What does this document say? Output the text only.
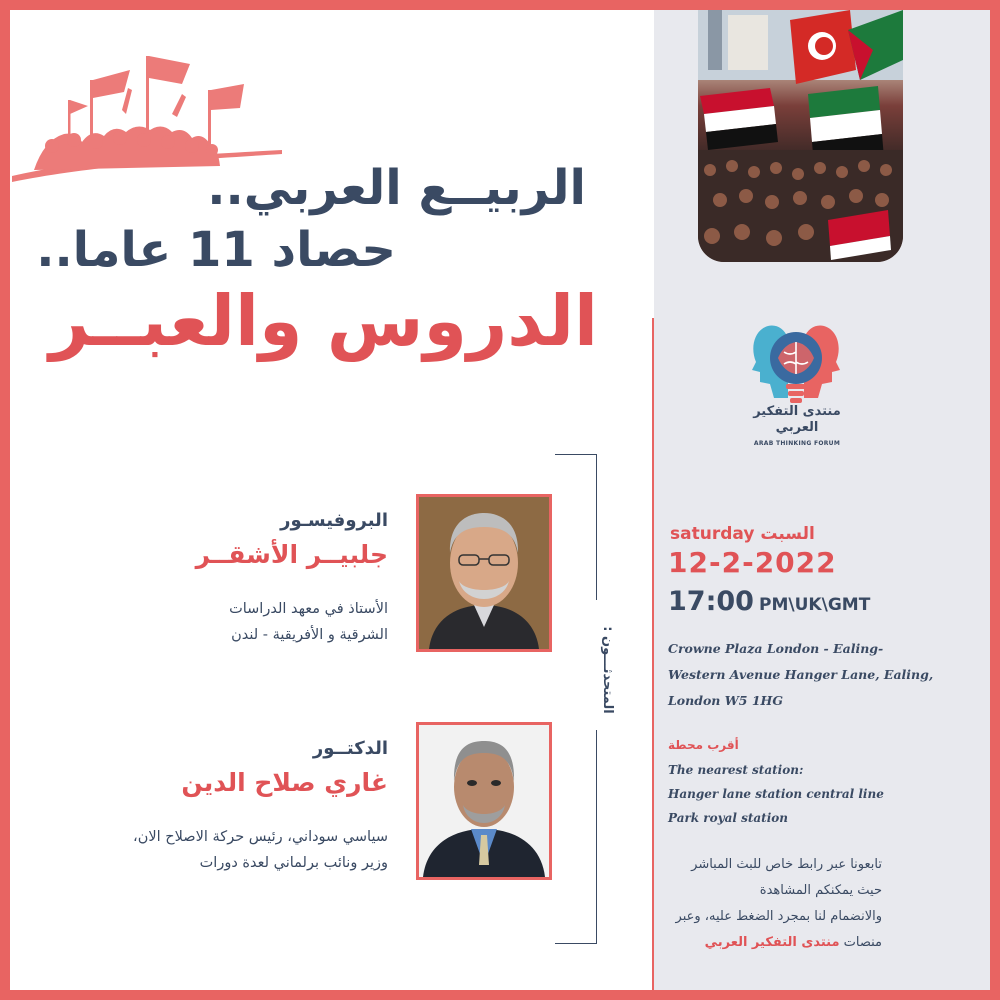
الربيــع العربي..
حصاد 11 عاما..
الدروس والعبــر
منتدى التفكير
العربي
ARAB THINKING FORUM
saturday السبت
12-2-2022
17:00 PM\UK\GMT
Crowne Plaza London - Ealing-
Western Avenue Hanger Lane, Ealing,
London W5 1HG
أقرب محطة
The nearest station:
Hanger lane station central line
Park royal station
تابعونا عبر رابط خاص للبث المباشر
حيث يمكنكم المشاهدة
والانضمام لنا بمجرد الضغط عليه، وعبر
منصات منتدى التفكير العربي
المتحدثـــون :
البروفيسـور
جلبيــر الأشقــر
الأستاذ في معهد الدراسات
الشرقية و الأفريقية - لندن
الدكتــور
غاري صلاح الدين
سياسي سوداني، رئيس حركة الاصلاح الان،
وزير ونائب برلماني لعدة دورات
